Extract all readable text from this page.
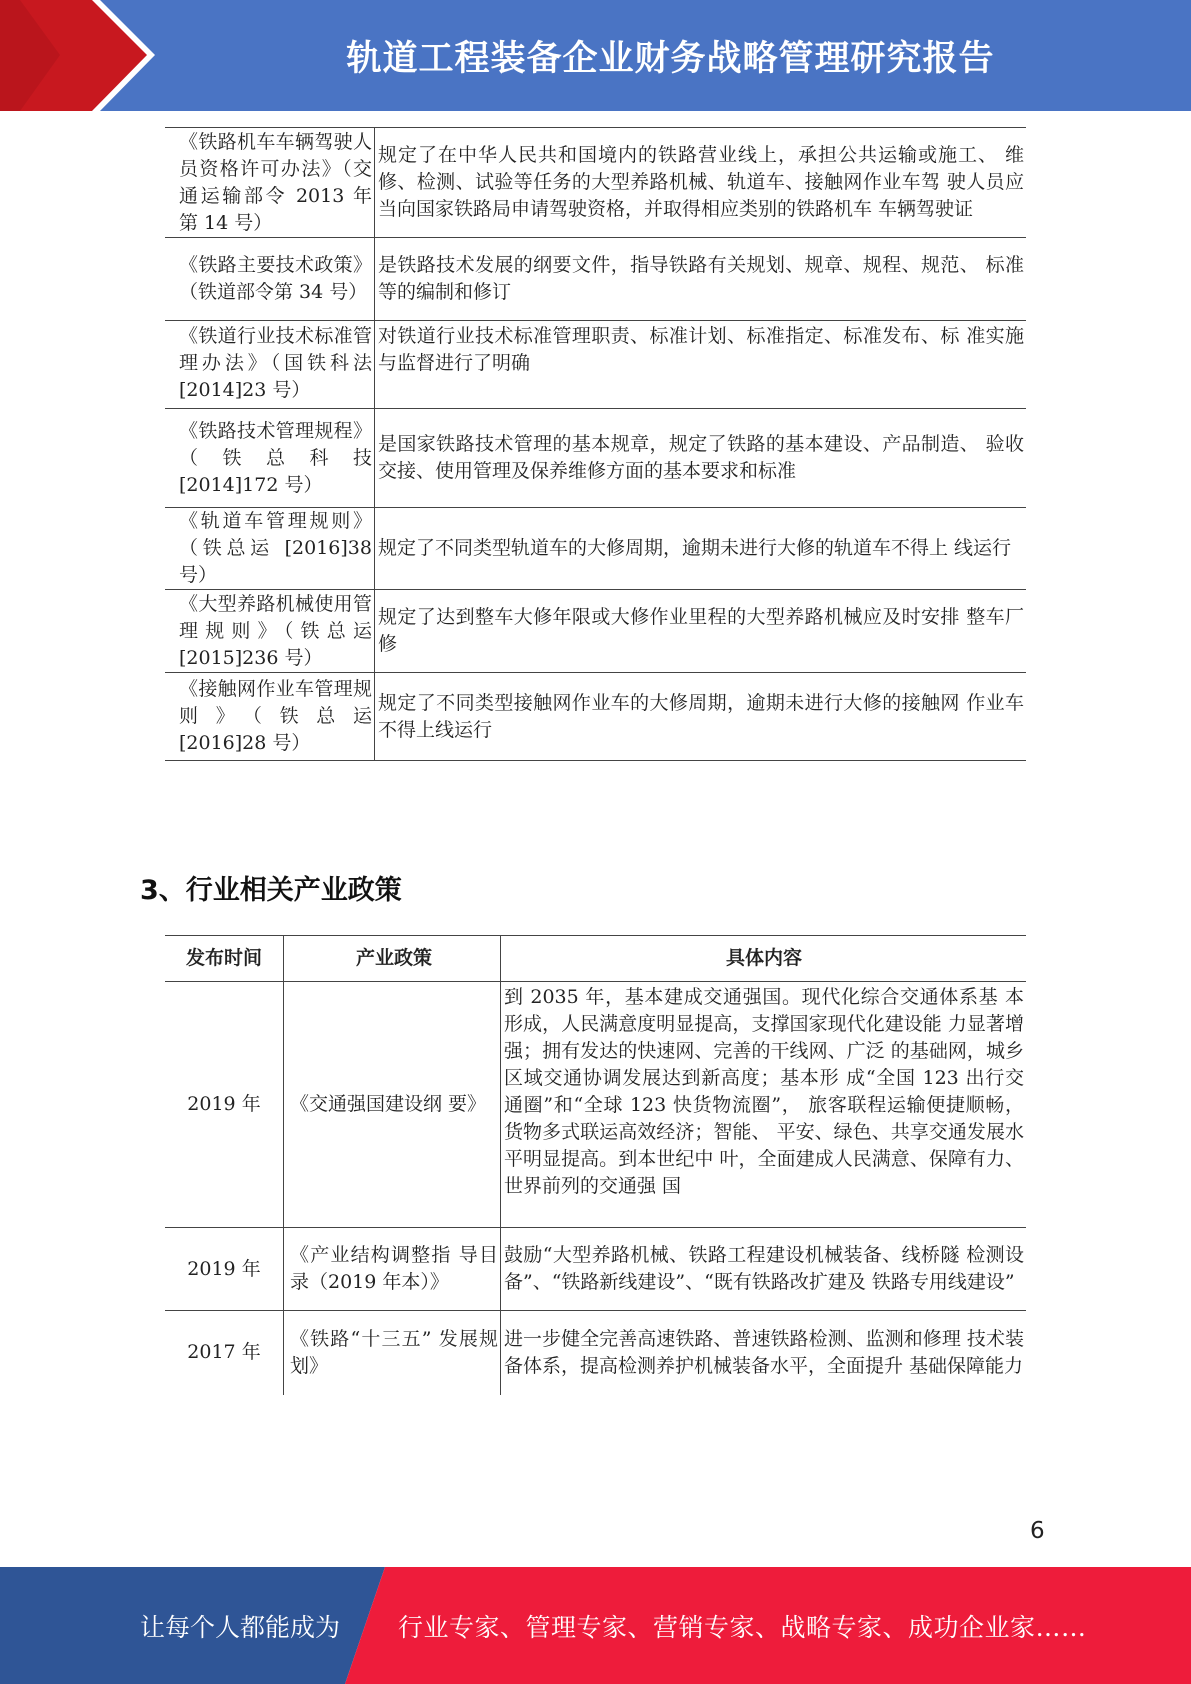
轨道工程装备企业财务战略管理研究报告
《铁路机车车辆驾驶人员资格许可办法》（交通运输部令 2013 年第 14 号）	规定了在中华人民共和国境内的铁路营业线上，承担公共运输或施工、 维修、检测、试验等任务的大型养路机械、轨道车、接触网作业车驾 驶人员应当向国家铁路局申请驾驶资格，并取得相应类别的铁路机车 车辆驾驶证
《铁路主要技术政策》（铁道部令第 34 号）	是铁路技术发展的纲要文件，指导铁路有关规划、规章、规程、规范、 标准等的编制和修订
《铁道行业技术标准管理办法》（国铁科法[2014]23 号）	对铁道行业技术标准管理职责、标准计划、标准指定、标准发布、标 准实施与监督进行了明确
《铁路技术管理规程》（铁总科技 [2014]172 号）	是国家铁路技术管理的基本规章，规定了铁路的基本建设、产品制造、 验收交接、使用管理及保养维修方面的基本要求和标准
《轨道车管理规则》（铁总运 [2016]38 号）	规定了不同类型轨道车的大修周期，逾期未进行大修的轨道车不得上 线运行
《大型养路机械使用管理规则》（铁总运[2015]236 号）	规定了达到整车大修年限或大修作业里程的大型养路机械应及时安排 整车厂修
《接触网作业车管理规则》（铁总运 [2016]28 号）	规定了不同类型接触网作业车的大修周期，逾期未进行大修的接触网 作业车不得上线运行
3、行业相关产业政策
发布时间	产业政策	具体内容
2019 年	《交通强国建设纲 要》	到 2035 年，基本建成交通强国。现代化综合交通体系基 本形成，人民满意度明显提高，支撑国家现代化建设能 力显著增强；拥有发达的快速网、完善的干线网、广泛 的基础网，城乡区域交通协调发展达到新高度；基本形 成“全国 123 出行交通圈”和“全球 123 快货物流圈”， 旅客联程运输便捷顺畅，货物多式联运高效经济；智能、 平安、绿色、共享交通发展水平明显提高。到本世纪中 叶，全面建成人民满意、保障有力、世界前列的交通强 国
2019 年	《产业结构调整指 导目录（2019 年本）》	鼓励“大型养路机械、铁路工程建设机械装备、线桥隧 检测设备”、“铁路新线建设”、“既有铁路改扩建及 铁路专用线建设”
2017 年	《铁路“十三五” 发展规划》	进一步健全完善高速铁路、普速铁路检测、监测和修理 技术装备体系，提高检测养护机械装备水平，全面提升 基础保障能力
6
让每个人都能成为 行业专家、管理专家、营销专家、战略专家、成功企业家……
